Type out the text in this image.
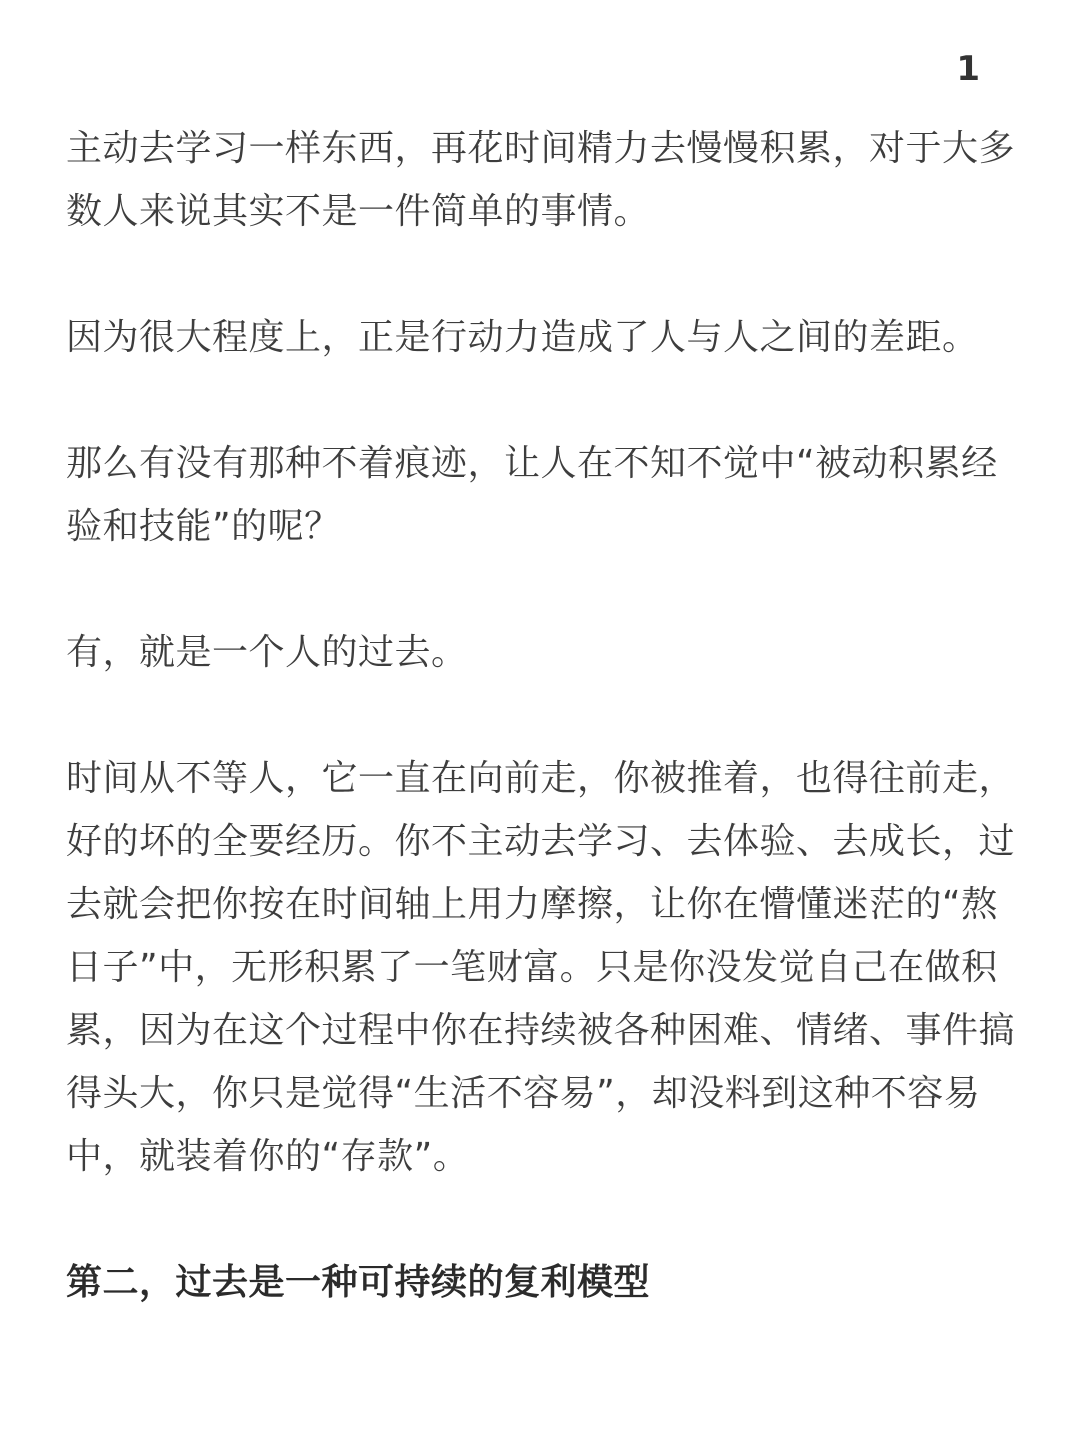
1

主动去学习一样东西，再花时间精力去慢慢积累，对于大多数人来说其实不是一件简单的事情。

因为很大程度上，正是行动力造成了人与人之间的差距。

那么有没有那种不着痕迹，让人在不知不觉中“被动积累经验和技能”的呢？

有，就是一个人的过去。

时间从不等人，它一直在向前走，你被推着，也得往前走，好的坏的全要经历。你不主动去学习、去体验、去成长，过去就会把你按在时间轴上用力摩擦，让你在懵懂迷茫的“熬日子”中，无形积累了一笔财富。只是你没发觉自己在做积累，因为在这个过程中你在持续被各种困难、情绪、事件搞得头大，你只是觉得“生活不容易”，却没料到这种不容易中，就装着你的“存款”。

第二，过去是一种可持续的复利模型
